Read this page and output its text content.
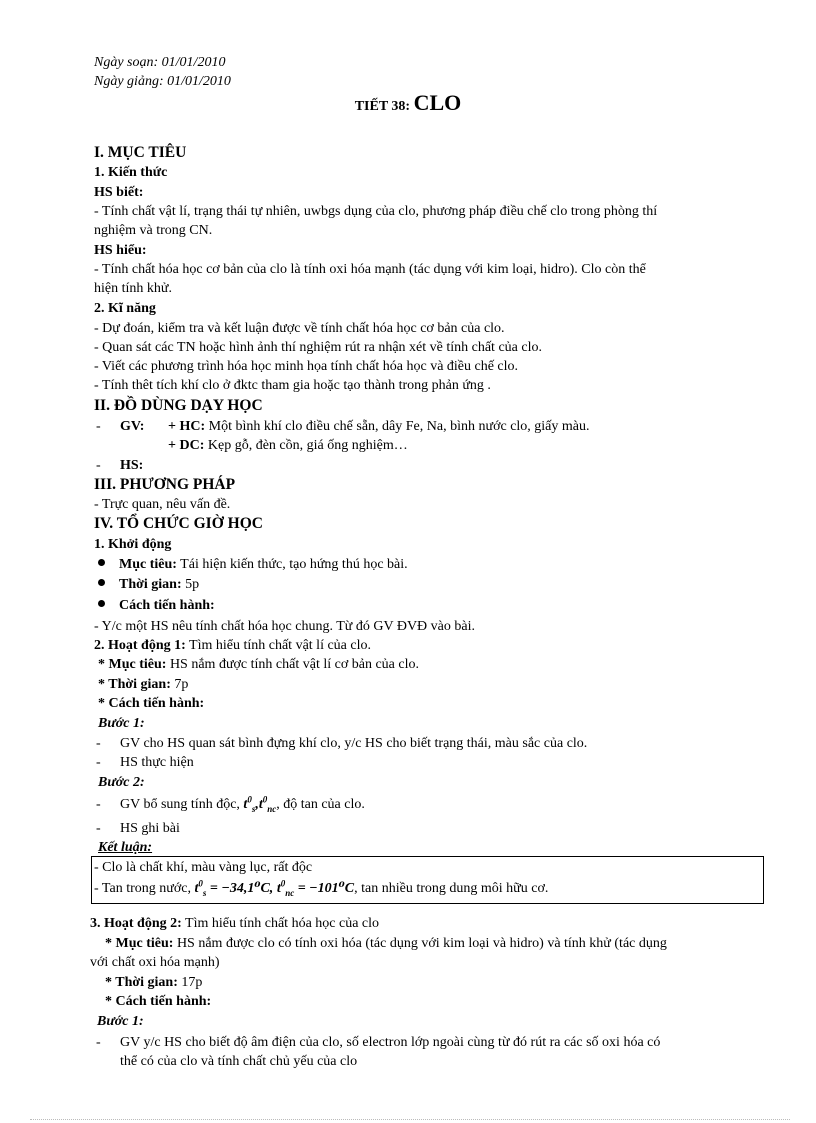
Ngày soạn: 01/01/2010
Ngày giảng: 01/01/2010
TIẾT 38: CLO
I. MỤC TIÊU
1. Kiến thức
HS biết:
- Tính chất vật lí, trạng thái tự nhiên, uwbgs dụng của clo, phương pháp điều chế clo trong phòng thí
nghiệm và trong CN.
HS hiểu:
- Tính chất hóa học cơ bản của clo là tính oxi hóa mạnh (tác dụng với kim loại, hidro). Clo còn thể
hiện tính khử.
2. Kĩ năng
- Dự đoán, kiểm tra và kết luận được về tính chất hóa học cơ bản của clo.
- Quan sát các TN hoặc hình ảnh thí nghiệm rút ra nhận xét về tính chất của clo.
- Viết các phương trình hóa học minh họa tính chất hóa học và điều chế clo.
- Tính thêt tích khí clo ở đktc tham gia hoặc tạo thành trong phản ứng .
II. ĐỒ DÙNG DẠY HỌC
- GV: + HC: Một bình khí clo điều chế sẵn, dây Fe, Na, bình nước clo, giấy màu.
+ DC: Kẹp gỗ, đèn cồn, giá ống nghiệm…
- HS:
III. PHƯƠNG PHÁP
- Trực quan, nêu vấn đề.
IV. TỔ CHỨC GIỜ HỌC
1. Khởi động
Mục tiêu: Tái hiện kiến thức, tạo hứng thú học bài.
Thời gian: 5p
Cách tiến hành:
- Y/c một HS nêu tính chất hóa học chung. Từ đó GV ĐVĐ vào bài.
2. Hoạt động 1: Tìm hiểu tính chất vật lí của clo.
* Mục tiêu: HS nắm được tính chất vật lí cơ bản của clo.
* Thời gian: 7p
* Cách tiến hành:
Bước 1:
- GV cho HS quan sát bình đựng khí clo, y/c HS cho biết trạng thái, màu sắc của clo.
- HS thực hiện
Bước 2:
- GV bổ sung tính độc, $t^0_s,t^0_{nc}$, độ tan của clo.
- HS ghi bài
Kết luận:
- Clo là chất khí, màu vàng lục, rất độc
- Tan trong nước, $t^0_s = -34,1^0C$, $t^0_{nc} = -101^0C$, tan nhiều trong dung môi hữu cơ.
3. Hoạt động 2: Tìm hiểu tính chất hóa học của clo
* Mục tiêu: HS nắm được clo có tính oxi hóa (tác dụng với kim loại và hidro) và tính khử (tác dụng
với chất oxi hóa mạnh)
* Thời gian: 17p
* Cách tiến hành:
Bước 1:
- GV y/c HS cho biết độ âm điện của clo, số electron lớp ngoài cùng từ đó rút ra các số oxi hóa có
thể có của clo và tính chất chủ yếu của clo
